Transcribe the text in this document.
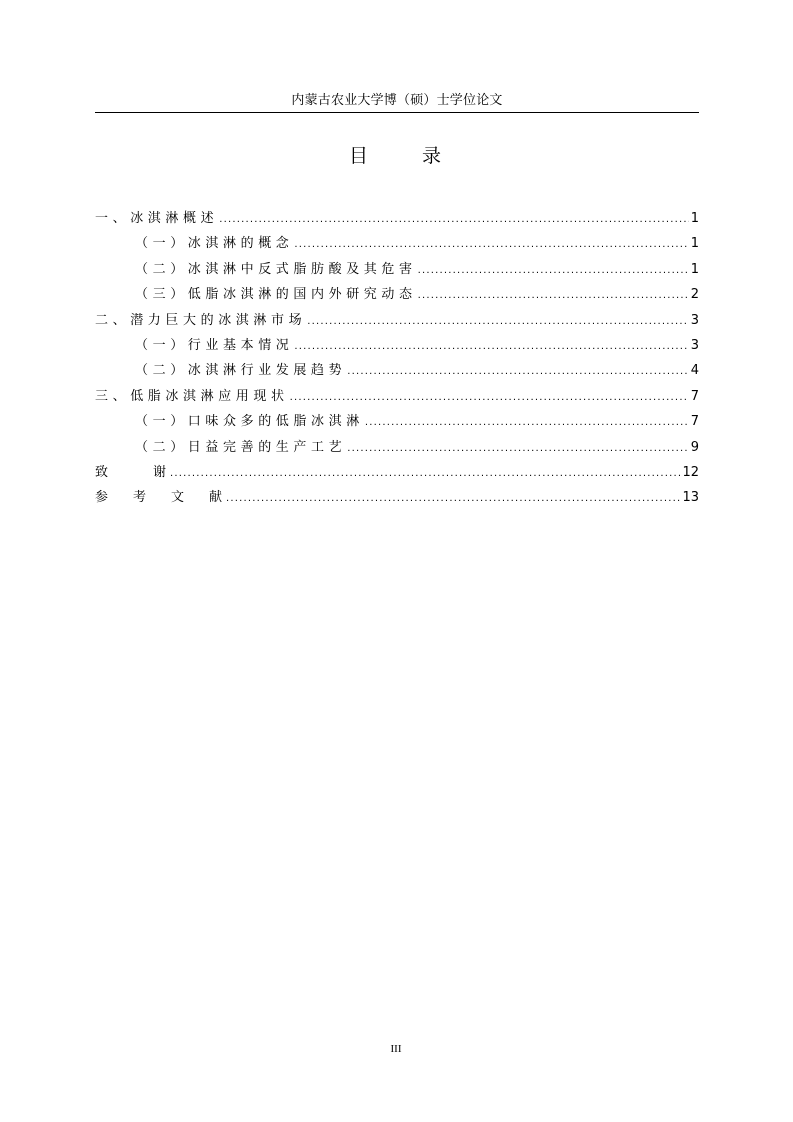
内蒙古农业大学博（硕）士学位论文
目	录
一、冰淇淋概述 .....	1
（一）冰淇淋的概念 .....	1
（二）冰淇淋中反式脂肪酸及其危害 .....	1
（三）低脂冰淇淋的国内外研究动态 .....	2
二、潜力巨大的冰淇淋市场 .....	3
（一）行业基本情况 .....	3
（二）冰淇淋行业发展趋势 .....	4
三、低脂冰淇淋应用现状 .....	7
（一）口味众多的低脂冰淇淋 .....	7
（二）日益完善的生产工艺 .....	9
致	谢 .....	12
参	考	文	献 .....	13
III
